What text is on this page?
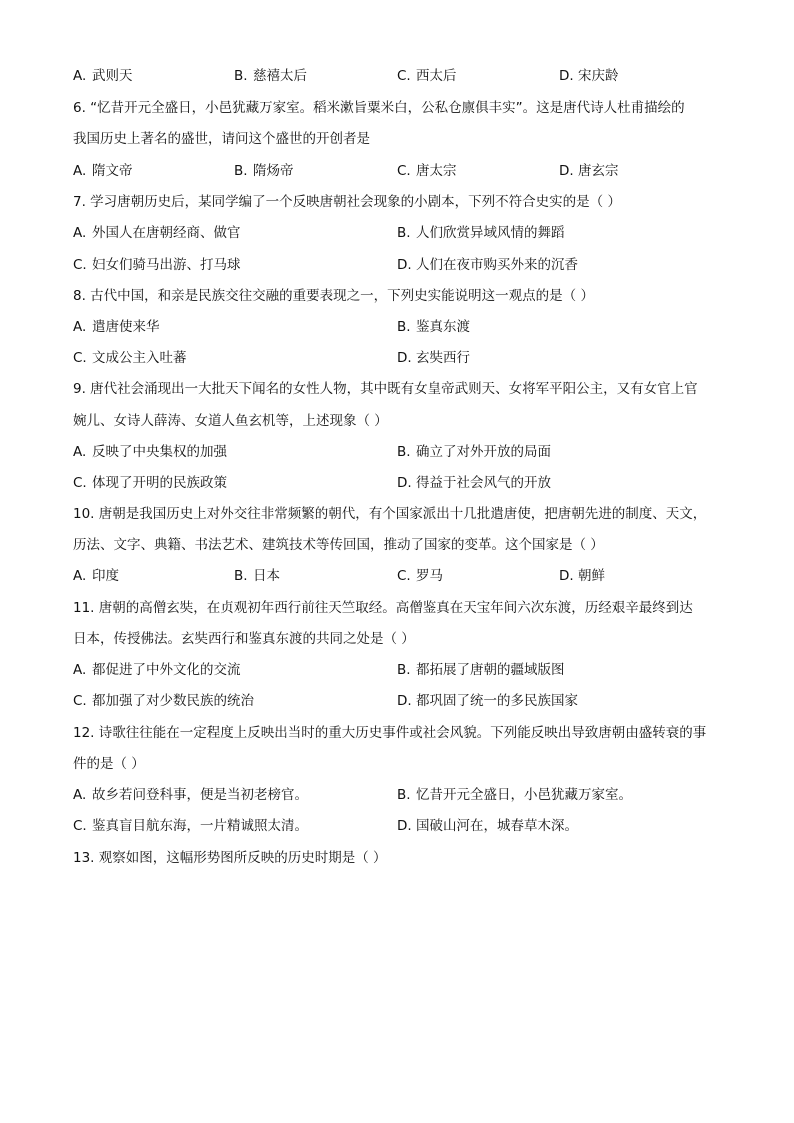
A. 武则天	B. 慈禧太后	C. 西太后	D. 宋庆龄
6. “忆昔开元全盛日，小邑犹藏万家室。稻米漱旨粟米白，公私仓廪俱丰实”。这是唐代诗人杜甫描绘的
我国历史上著名的盛世，请问这个盛世的开创者是
A. 隋文帝	B. 隋炀帝	C. 唐太宗	D. 唐玄宗
7. 学习唐朝历史后，某同学编了一个反映唐朝社会现象的小剧本，下列不符合史实的是（ ）
A. 外国人在唐朝经商、做官	B. 人们欣赏异域风情的舞蹈
C. 妇女们骑马出游、打马球	D. 人们在夜市购买外来的沉香
8. 古代中国，和亲是民族交往交融的重要表现之一，下列史实能说明这一观点的是（ ）
A. 遣唐使来华	B. 鉴真东渡
C. 文成公主入吐蕃	D. 玄奘西行
9. 唐代社会涌现出一大批天下闻名的女性人物，其中既有女皇帝武则天、女将军平阳公主，又有女官上官
婉儿、女诗人薛涛、女道人鱼玄机等，上述现象（ ）
A. 反映了中央集权的加强	B. 确立了对外开放的局面
C. 体现了开明的民族政策	D. 得益于社会风气的开放
10. 唐朝是我国历史上对外交往非常频繁的朝代，有个国家派出十几批遣唐使，把唐朝先进的制度、天文，
历法、文字、典籍、书法艺术、建筑技术等传回国，推动了国家的变革。这个国家是（ ）
A. 印度	B. 日本	C. 罗马	D. 朝鲜
11. 唐朝的高僧玄奘，在贞观初年西行前往天竺取经。高僧鉴真在天宝年间六次东渡，历经艰辛最终到达
日本，传授佛法。玄奘西行和鉴真东渡的共同之处是（ ）
A. 都促进了中外文化的交流	B. 都拓展了唐朝的疆域版图
C. 都加强了对少数民族的统治	D. 都巩固了统一的多民族国家
12. 诗歌往往能在一定程度上反映出当时的重大历史事件或社会风貌。下列能反映出导致唐朝由盛转衰的事
件的是（ ）
A. 故乡若问登科事，便是当初老榜官。	B. 忆昔开元全盛日，小邑犹藏万家室。
C. 鉴真盲目航东海，一片精诚照太清。	D. 国破山河在，城春草木深。
13. 观察如图，这幅形势图所反映的历史时期是（ ）
